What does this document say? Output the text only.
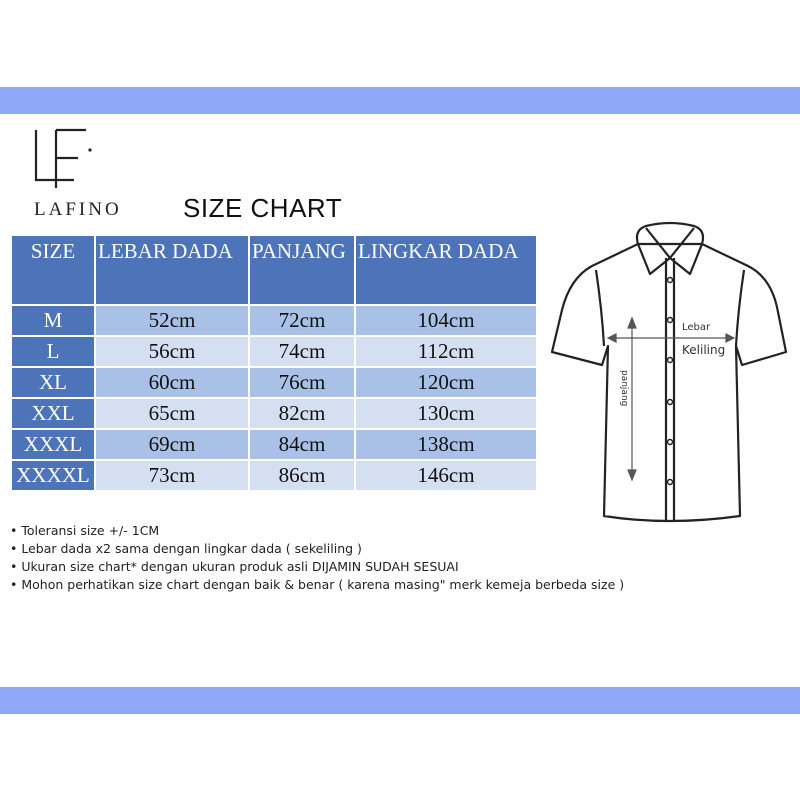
LAFINO SIZE CHART
SIZE	LEBAR DADA	PANJANG	LINGKAR DADA
M	52cm	72cm	104cm
L	56cm	74cm	112cm
XL	60cm	76cm	120cm
XXL	65cm	82cm	130cm
XXXL	69cm	84cm	138cm
XXXXL	73cm	86cm	146cm
Lebar
Keliling
panjang
• Toleransi size +/- 1CM
• Lebar dada x2 sama dengan lingkar dada ( sekeliling )
• Ukuran size chart* dengan ukuran produk asli DIJAMIN SUDAH SESUAI
• Mohon perhatikan size chart dengan baik & benar ( karena masing" merk kemeja berbeda size )
